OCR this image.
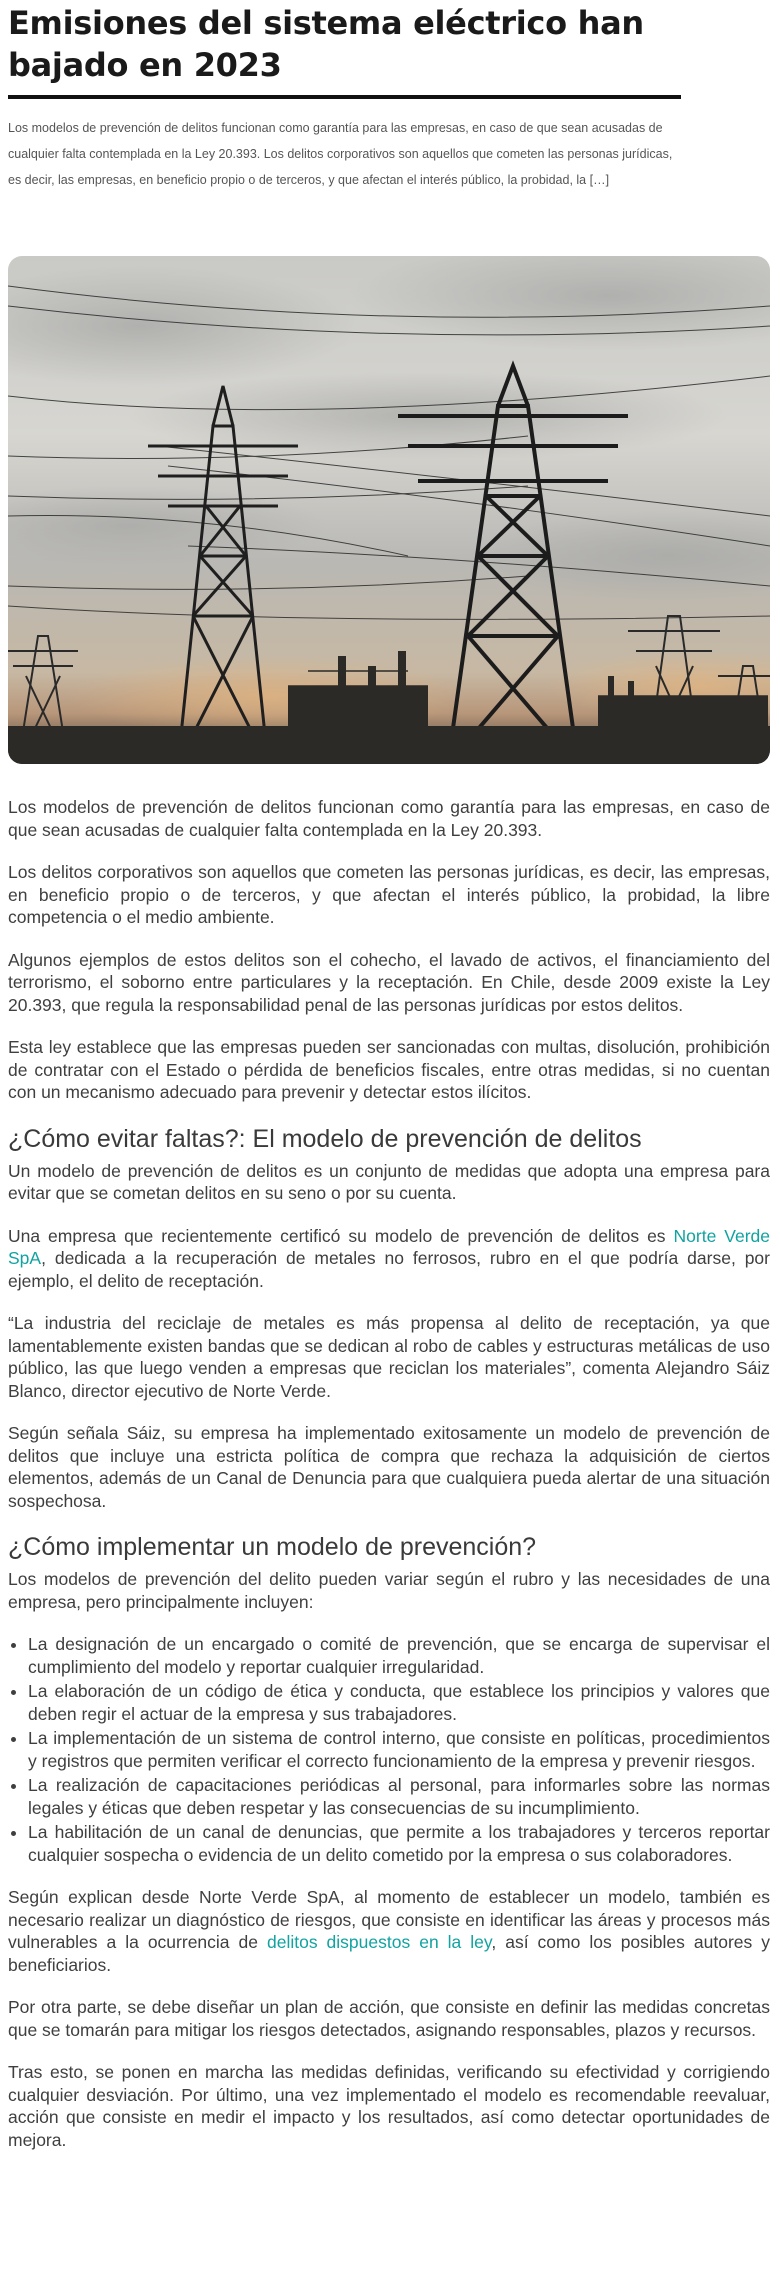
Emisiones del sistema eléctrico han bajado en 2023
Los modelos de prevención de delitos funcionan como garantía para las empresas, en caso de que sean acusadas de cualquier falta contemplada en la Ley 20.393. Los delitos corporativos son aquellos que cometen las personas jurídicas, es decir, las empresas, en beneficio propio o de terceros, y que afectan el interés público, la probidad, la […]

Los modelos de prevención de delitos funcionan como garantía para las empresas, en caso de que sean acusadas de cualquier falta contemplada en la Ley 20.393.

Los delitos corporativos son aquellos que cometen las personas jurídicas, es decir, las empresas, en beneficio propio o de terceros, y que afectan el interés público, la probidad, la libre competencia o el medio ambiente.

Algunos ejemplos de estos delitos son el cohecho, el lavado de activos, el financiamiento del terrorismo, el soborno entre particulares y la receptación. En Chile, desde 2009 existe la Ley 20.393, que regula la responsabilidad penal de las personas jurídicas por estos delitos.

Esta ley establece que las empresas pueden ser sancionadas con multas, disolución, prohibición de contratar con el Estado o pérdida de beneficios fiscales, entre otras medidas, si no cuentan con un mecanismo adecuado para prevenir y detectar estos ilícitos.

¿Cómo evitar faltas?: El modelo de prevención de delitos

Un modelo de prevención de delitos es un conjunto de medidas que adopta una empresa para evitar que se cometan delitos en su seno o por su cuenta.

Una empresa que recientemente certificó su modelo de prevención de delitos es Norte Verde SpA, dedicada a la recuperación de metales no ferrosos, rubro en el que podría darse, por ejemplo, el delito de receptación.

“La industria del reciclaje de metales es más propensa al delito de receptación, ya que lamentablemente existen bandas que se dedican al robo de cables y estructuras metálicas de uso público, las que luego venden a empresas que reciclan los materiales”, comenta Alejandro Sáiz Blanco, director ejecutivo de Norte Verde.

Según señala Sáiz, su empresa ha implementado exitosamente un modelo de prevención de delitos que incluye una estricta política de compra que rechaza la adquisición de ciertos elementos, además de un Canal de Denuncia para que cualquiera pueda alertar de una situación sospechosa.

¿Cómo implementar un modelo de prevención?

Los modelos de prevención del delito pueden variar según el rubro y las necesidades de una empresa, pero principalmente incluyen:

• La designación de un encargado o comité de prevención, que se encarga de supervisar el cumplimiento del modelo y reportar cualquier irregularidad.
• La elaboración de un código de ética y conducta, que establece los principios y valores que deben regir el actuar de la empresa y sus trabajadores.
• La implementación de un sistema de control interno, que consiste en políticas, procedimientos y registros que permiten verificar el correcto funcionamiento de la empresa y prevenir riesgos.
• La realización de capacitaciones periódicas al personal, para informarles sobre las normas legales y éticas que deben respetar y las consecuencias de su incumplimiento.
• La habilitación de un canal de denuncias, que permite a los trabajadores y terceros reportar cualquier sospecha o evidencia de un delito cometido por la empresa o sus colaboradores.

Según explican desde Norte Verde SpA, al momento de establecer un modelo, también es necesario realizar un diagnóstico de riesgos, que consiste en identificar las áreas y procesos más vulnerables a la ocurrencia de delitos dispuestos en la ley, así como los posibles autores y beneficiarios.

Por otra parte, se debe diseñar un plan de acción, que consiste en definir las medidas concretas que se tomarán para mitigar los riesgos detectados, asignando responsables, plazos y recursos.

Tras esto, se ponen en marcha las medidas definidas, verificando su efectividad y corrigiendo cualquier desviación. Por último, una vez implementado el modelo es recomendable reevaluar, acción que consiste en medir el impacto y los resultados, así como detectar oportunidades de mejora.
